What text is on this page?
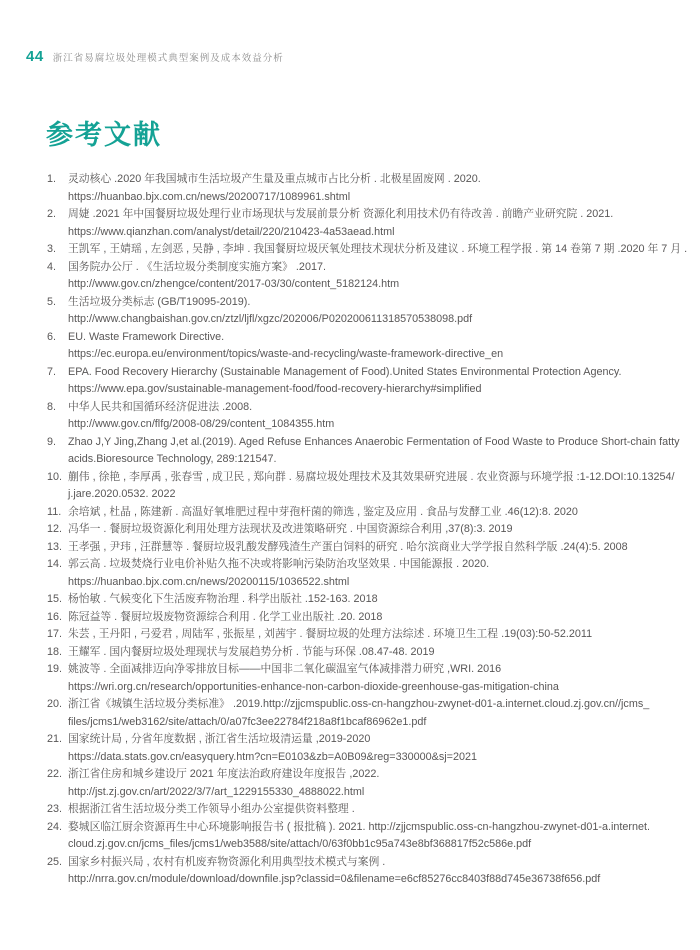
44 浙江省易腐垃圾处理模式典型案例及成本效益分析
参考文献
1.	灵动核心 .2020 年我国城市生活垃圾产生量及重点城市占比分析 . 北极星固废网 . 2020.
https://huanbao.bjx.com.cn/news/20200717/1089961.shtml
2.	周婕 .2021 年中国餐厨垃圾处理行业市场现状与发展前景分析 资源化利用技术仍有待改善 . 前瞻产业研究院 . 2021.
https://www.qianzhan.com/analyst/detail/220/210423-4a53aead.html
3.	王凯军 , 王婧瑶 , 左剑恶 , 吴静 , 李坤 . 我国餐厨垃圾厌氧处理技术现状分析及建议 . 环境工程学报 . 第 14 卷第 7 期 .2020 年 7 月 .
4.	国务院办公厅 . 《生活垃圾分类制度实施方案》 .2017.
http://www.gov.cn/zhengce/content/2017-03/30/content_5182124.htm
5.	生活垃圾分类标志 (GB/T19095-2019).
http://www.changbaishan.gov.cn/ztzl/ljfl/xgzc/202006/P020200611318570538098.pdf
6.	EU. Waste Framework Directive.
https://ec.europa.eu/environment/topics/waste-and-recycling/waste-framework-directive_en
7.	EPA. Food Recovery Hierarchy (Sustainable Management of Food).United States Environmental Protection Agency.
https://www.epa.gov/sustainable-management-food/food-recovery-hierarchy#simplified
8.	中华人民共和国循环经济促进法 .2008.
http://www.gov.cn/flfg/2008-08/29/content_1084355.htm
9.	Zhao J,Y Jing,Zhang J,et al.(2019). Aged Refuse Enhances Anaerobic Fermentation of Food Waste to Produce Short-chain fatty
acids.Bioresource Technology, 289:121547.
10. 蒯伟 , 徐艳 , 李厚禹 , 张春雪 , 成卫民 , 郑向群 . 易腐垃圾处理技术及其效果研究进展 . 农业资源与环境学报 :1-12.DOI:10.13254/
j.jare.2020.0532. 2022
11. 余培斌 , 杜晶 , 陈建新 . 高温好氧堆肥过程中芽孢杆菌的筛选 , 鉴定及应用 . 食品与发酵工业 .46(12):8. 2020
12. 冯华一 . 餐厨垃圾资源化利用处理方法现状及改进策略研究 . 中国资源综合利用 ,37(8):3. 2019
13. 王孝强 , 尹玮 , 汪群慧等 . 餐厨垃圾乳酸发酵残渣生产蛋白饲料的研究 . 哈尔滨商业大学学报自然科学版 .24(4):5. 2008
14. 郭云高 . 垃圾焚烧行业电价补贴久拖不决或将影响污染防治攻坚效果 . 中国能源报 . 2020.
https://huanbao.bjx.com.cn/news/20200115/1036522.shtml
15. 杨怡敏 . 气候变化下生活废弃物治理 . 科学出版社 .152-163. 2018
16. 陈冠益等 . 餐厨垃圾废物资源综合利用 . 化学工业出版社 .20. 2018
17. 朱芸 , 王丹阳 , 弓爱君 , 周陆军 , 张振星 , 刘茜宇 . 餐厨垃圾的处理方法综述 . 环境卫生工程 .19(03):50-52.2011
18. 王耀军 . 国内餐厨垃圾处理现状与发展趋势分析 . 节能与环保 .08.47-48. 2019
19. 姚波等 . 全面减排迈向净零排放目标——中国非二氧化碳温室气体减排潜力研究 ,WRI. 2016
https://wri.org.cn/research/opportunities-enhance-non-carbon-dioxide-greenhouse-gas-mitigation-china
20. 浙江省《城镇生活垃圾分类标准》 .2019.http://zjjcmspublic.oss-cn-hangzhou-zwynet-d01-a.internet.cloud.zj.gov.cn//jcms_
files/jcms1/web3162/site/attach/0/a07fc3ee22784f218a8f1bcaf86962e1.pdf
21. 国家统计局 , 分省年度数据 , 浙江省生活垃圾清运量 ,2019-2020
https://data.stats.gov.cn/easyquery.htm?cn=E0103&zb=A0B09&reg=330000&sj=2021
22. 浙江省住房和城乡建设厅 2021 年度法治政府建设年度报告 ,2022.
http://jst.zj.gov.cn/art/2022/3/7/art_1229155330_4888022.html
23. 根据浙江省生活垃圾分类工作领导小组办公室提供资料整理 .
24. 婺城区临江厨余资源再生中心环境影响报告书 ( 报批稿 ). 2021. http://zjjcmspublic.oss-cn-hangzhou-zwynet-d01-a.internet.
cloud.zj.gov.cn/jcms_files/jcms1/web3588/site/attach/0/63f0bb1c95a743e8bf368817f52c586e.pdf
25. 国家乡村振兴局 , 农村有机废弃物资源化利用典型技术模式与案例 .
http://nrra.gov.cn/module/download/downfile.jsp?classid=0&filename=e6cf85276cc8403f88d745e36738f656.pdf
